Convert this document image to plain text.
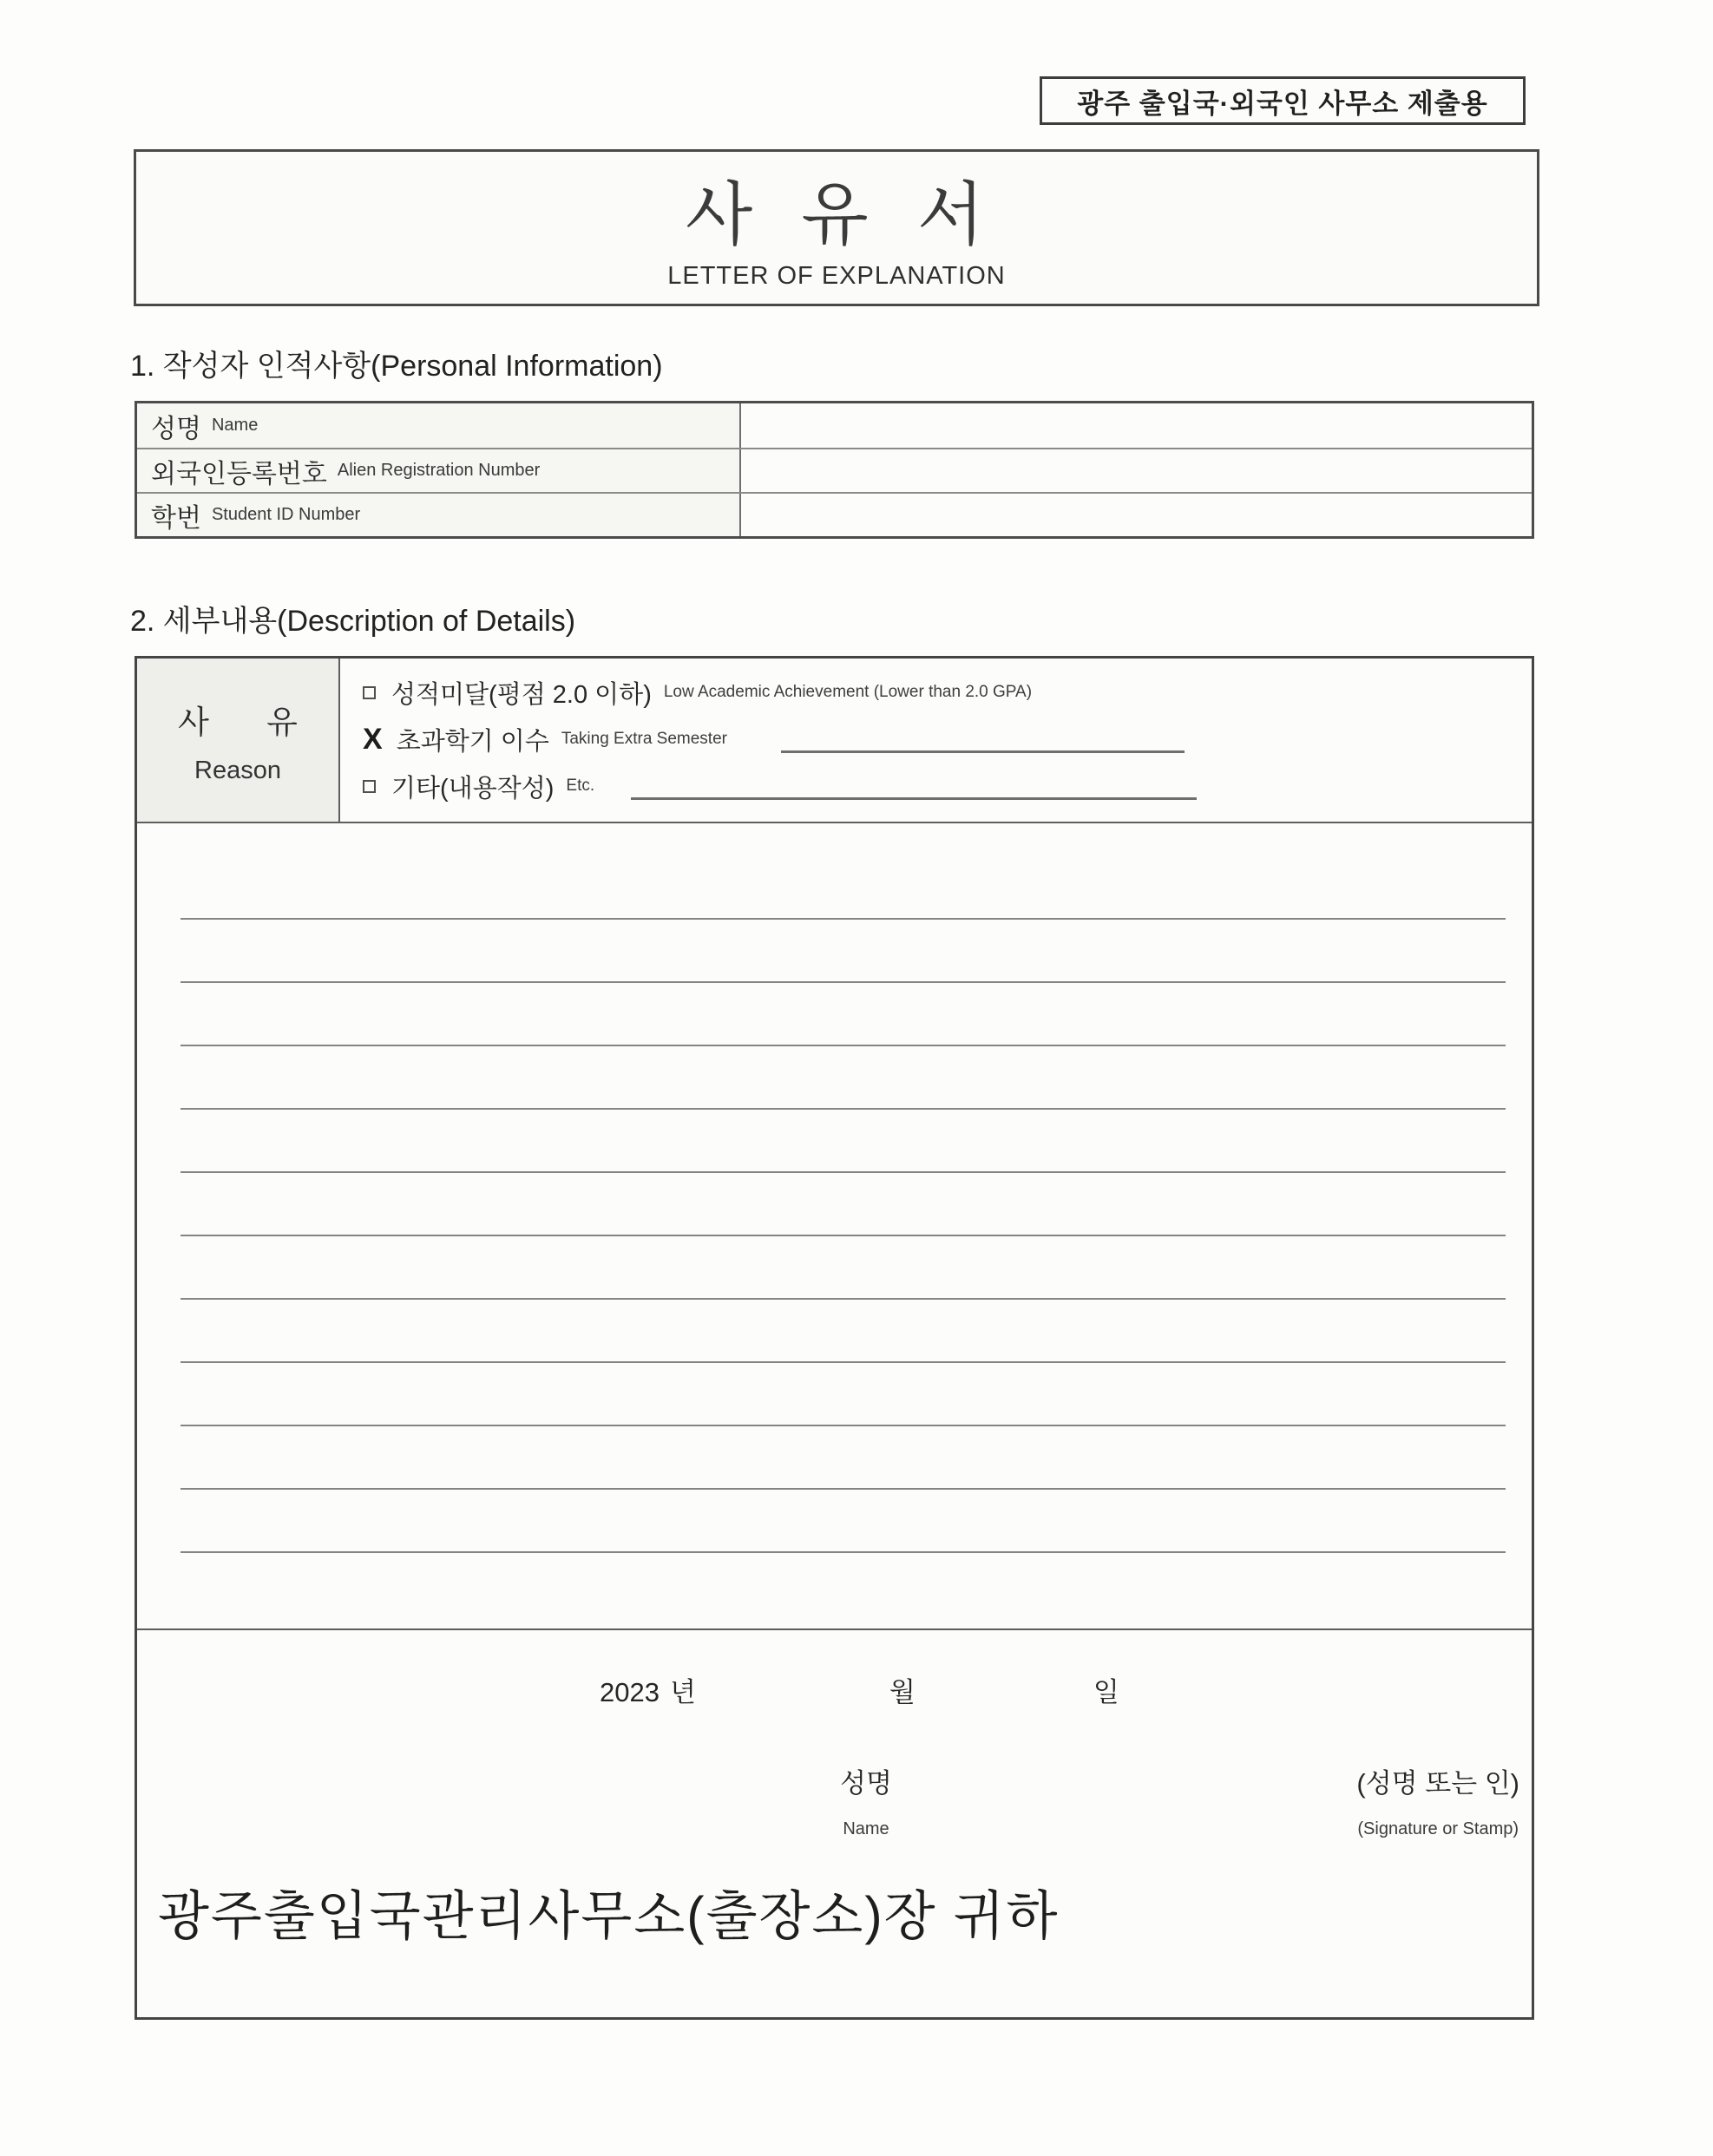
광주 출입국·외국인 사무소 제출용
사 유 서
LETTER OF EXPLANATION
1. 작성자 인적사항(Personal Information)
성명 Name
외국인등록번호 Alien Registration Number
학번 Student ID Number
2. 세부내용(Description of Details)
사 유
Reason
성적미달(평점 2.0 이하) Low Academic Achievement (Lower than 2.0 GPA)
X 초과학기 이수 Taking Extra Semester
기타(내용작성) Etc.
2023 년	월	일
성명
Name
(성명 또는 인)
(Signature or Stamp)
광주출입국관리사무소(출장소)장 귀하
